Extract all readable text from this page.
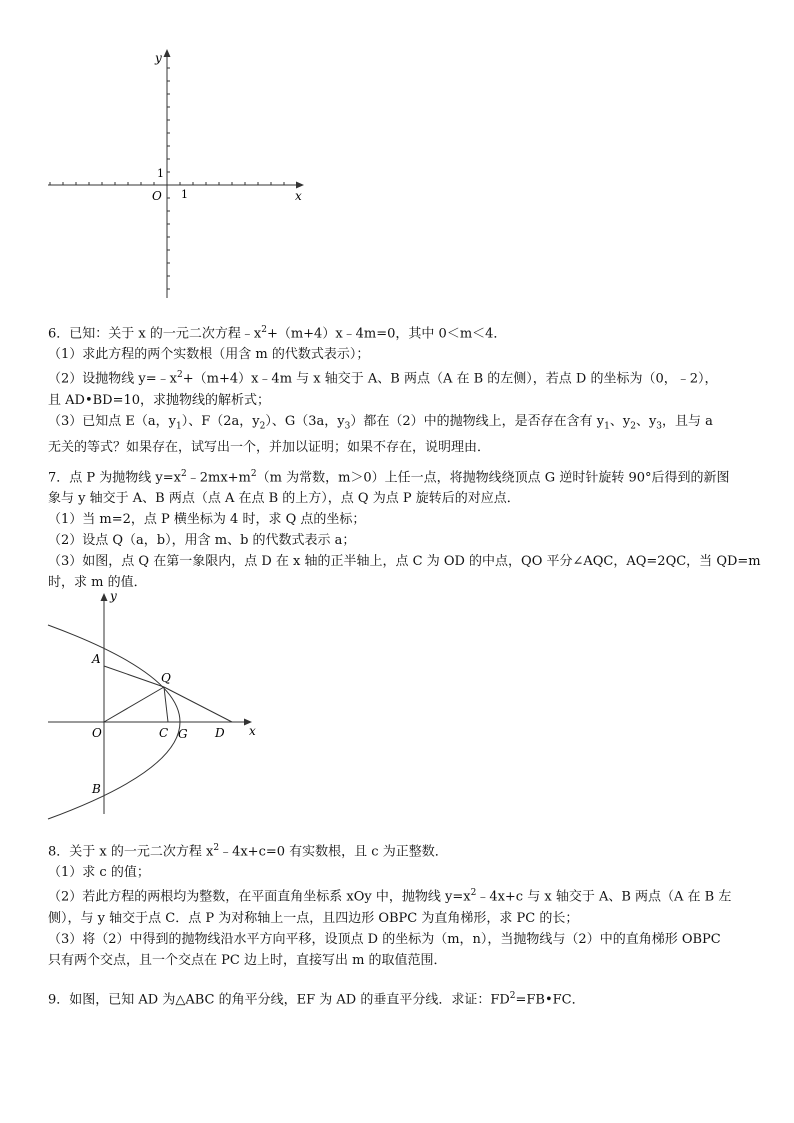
y
x
O 1
1
6．已知：关于 x 的一元二次方程$﹣x^2+(m+4)x﹣4m=0$，其中 0＜m＜4．
（1）求此方程的两个实数根（用含 m 的代数式表示）；
（2）设抛物线 $y=﹣x^2+(m+4)x﹣4m$ 与 x 轴交于 A、B 两点（A 在 B 的左侧），若点 D 的坐标为（0，﹣2），
且 AD•BD=10，求抛物线的解析式；
（3）已知点 E（a，$y_1$）、F（2a，$y_2$）、G（3a，$y_3$）都在（2）中的抛物线上，是否存在含有 $y_1$、$y_2$、$y_3$，且与 a
无关的等式？如果存在，试写出一个，并加以证明；如果不存在，说明理由．
7．点 P 为抛物线 $y=x^2﹣2mx+m^2(m$ 为常数，m＞0）上任一点，将抛物线绕顶点 G 逆时针旋转 90°后得到的新图
象与 y 轴交于 A、B 两点（点 A 在点 B 的上方），点 Q 为点 P 旋转后的对应点．
（1）当 m=2，点 P 横坐标为 4 时，求 Q 点的坐标；
（2）设点 Q（a，b），用含 m、b 的代数式表示 a；
（3）如图，点 Q 在第一象限内，点 D 在 x 轴的正半轴上，点 C 为 OD 的中点，QO 平分∠AQC，AQ=2QC，当 QD=m
时，求 m 的值．
y
x
A
B
Q
O	C G D
8．关于 x 的一元二次方程 $x^2﹣4x+c=0$ 有实数根，且 c 为正整数．
（1）求 c 的值；
（2）若此方程的两根均为整数，在平面直角坐标系 xOy 中，抛物线 $y=x^2﹣4x+c$ 与 x 轴交于 A、B 两点（A 在 B 左
侧），与 y 轴交于点 C．点 P 为对称轴上一点，且四边形 OBPC 为直角梯形，求 PC 的长；
（3）将（2）中得到的抛物线沿水平方向平移，设顶点 D 的坐标为（m，n），当抛物线与（2）中的直角梯形 OBPC
只有两个交点，且一个交点在 PC 边上时，直接写出 m 的取值范围．
9．如图，已知 AD 为△ABC 的角平分线，EF 为 AD 的垂直平分线．求证：$FD^2=FB•FC$．
